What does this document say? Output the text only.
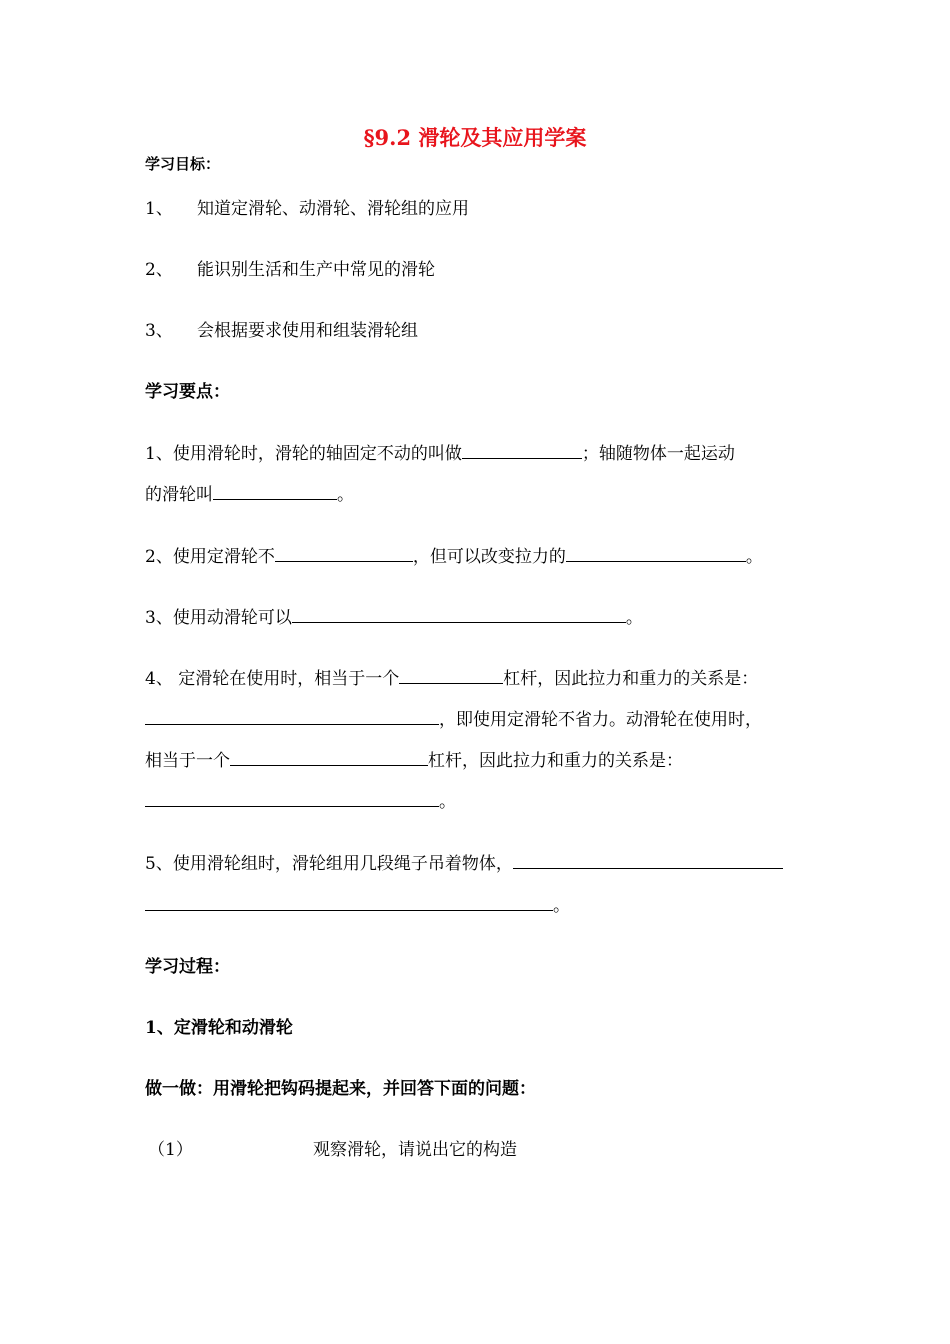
§9.2 滑轮及其应用学案
学习目标：
1、 知道定滑轮、动滑轮、滑轮组的应用
2、 能识别生活和生产中常见的滑轮
3、 会根据要求使用和组装滑轮组
学习要点：
1、使用滑轮时，滑轮的轴固定不动的叫做	；轴随物体一起运动
的滑轮叫	。
2、使用定滑轮不	，但可以改变拉力的	。
3、使用动滑轮可以	。
4、 定滑轮在使用时，相当于一个	杠杆，因此拉力和重力的关系是：
，即使用定滑轮不省力。动滑轮在使用时，
相当于一个	杠杆，因此拉力和重力的关系是：
。
5、使用滑轮组时，滑轮组用几段绳子吊着物体，
。
学习过程：
1、定滑轮和动滑轮
做一做：用滑轮把钩码提起来，并回答下面的问题：
（1）	观察滑轮，请说出它的构造
